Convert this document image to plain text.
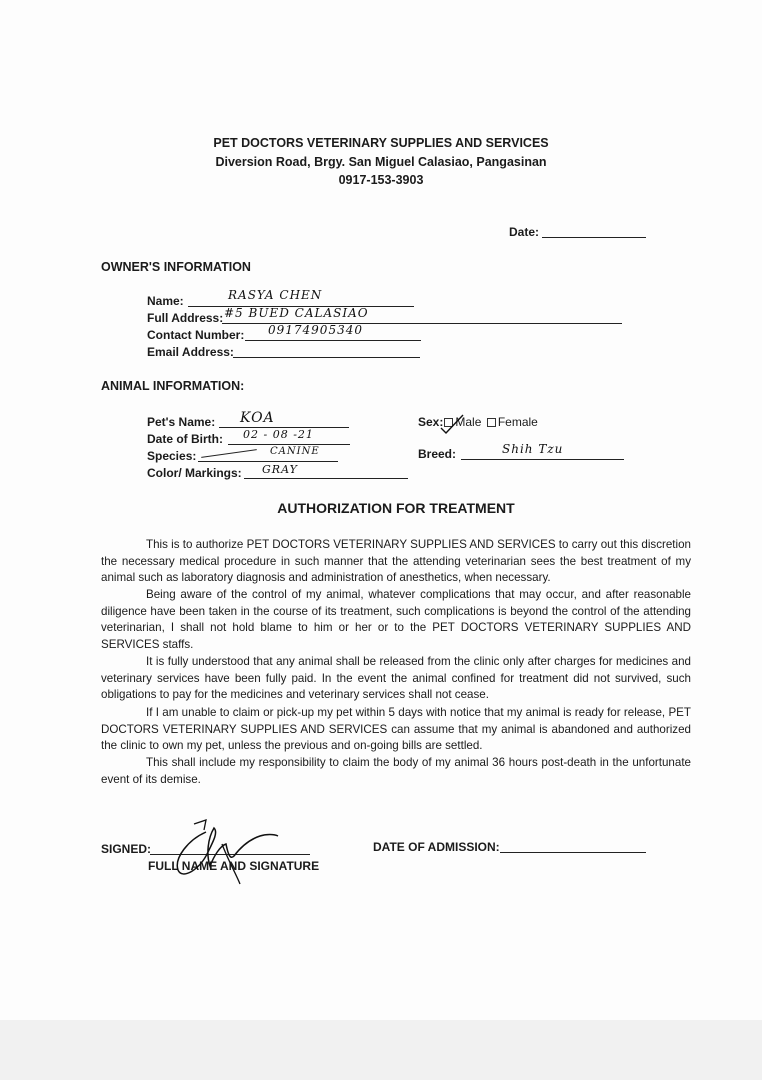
PET DOCTORS VETERINARY SUPPLIES AND SERVICES
Diversion Road, Brgy. San Miguel Calasiao, Pangasinan
0917-153-3903
Date:
OWNER'S INFORMATION
Name:	RASYA CHEN
Full Address: #5 BUED CALASIAO
Contact Number: 09174905340
Email Address:
ANIMAL INFORMATION:
Pet's Name: KOA
Date of Birth: 02 - 08 -21
Species:	CANINE
Color/ Markings: GRAY
Sex: Male Female
Breed:	Shih Tzu
AUTHORIZATION FOR TREATMENT
This is to authorize PET DOCTORS VETERINARY SUPPLIES AND SERVICES to carry out this discretion the necessary medical procedure in such manner that the attending veterinarian sees the best treatment of my animal such as laboratory diagnosis and administration of anesthetics, when necessary.
Being aware of the control of my animal, whatever complications that may occur, and after reasonable diligence have been taken in the course of its treatment, such complications is beyond the control of the attending veterinarian, I shall not hold blame to him or her or to the PET DOCTORS VETERINARY SUPPLIES AND SERVICES staffs.
It is fully understood that any animal shall be released from the clinic only after charges for medicines and veterinary services have been fully paid. In the event the animal confined for treatment did not survived, such obligations to pay for the medicines and veterinary services shall not cease.
If I am unable to claim or pick-up my pet within 5 days with notice that my animal is ready for release, PET DOCTORS VETERINARY SUPPLIES AND SERVICES can assume that my animal is abandoned and authorized the clinic to own my pet, unless the previous and on-going bills are settled.
This shall include my responsibility to claim the body of my animal 36 hours post-death in the unfortunate event of its demise.
SIGNED:
FULL NAME AND SIGNATURE
DATE OF ADMISSION:
